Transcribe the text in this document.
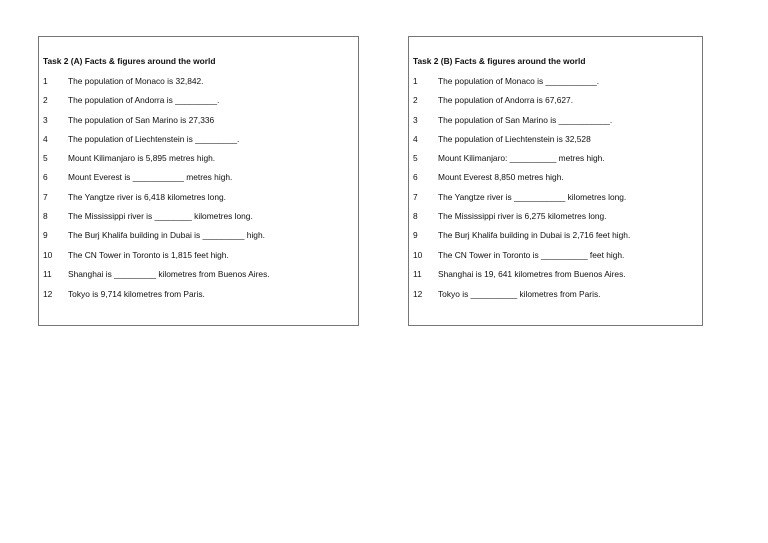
Task 2 (A) Facts & figures around the world
1 The population of Monaco is 32,842.
2 The population of Andorra is _________.
3 The population of San Marino is 27,336
4 The population of Liechtenstein is _________.
5 Mount Kilimanjaro is 5,895 metres high.
6 Mount Everest is ___________ metres high.
7 The Yangtze river is 6,418 kilometres long.
8 The Mississippi river is ________ kilometres long.
9 The Burj Khalifa building in Dubai is _________ high.
10 The CN Tower in Toronto is 1,815 feet high.
11 Shanghai is _________ kilometres from Buenos Aires.
12 Tokyo is 9,714 kilometres from Paris.
Task 2 (B) Facts & figures around the world
1 The population of Monaco is ___________.
2 The population of Andorra is 67,627.
3 The population of San Marino is ___________.
4 The population of Liechtenstein is 32,528
5 Mount Kilimanjaro: __________ metres high.
6 Mount Everest 8,850 metres high.
7 The Yangtze river is ___________ kilometres long.
8 The Mississippi river is 6,275 kilometres long.
9 The Burj Khalifa building in Dubai is 2,716 feet high.
10 The CN Tower in Toronto is __________ feet high.
11 Shanghai is 19, 641 kilometres from Buenos Aires.
12 Tokyo is __________ kilometres from Paris.
